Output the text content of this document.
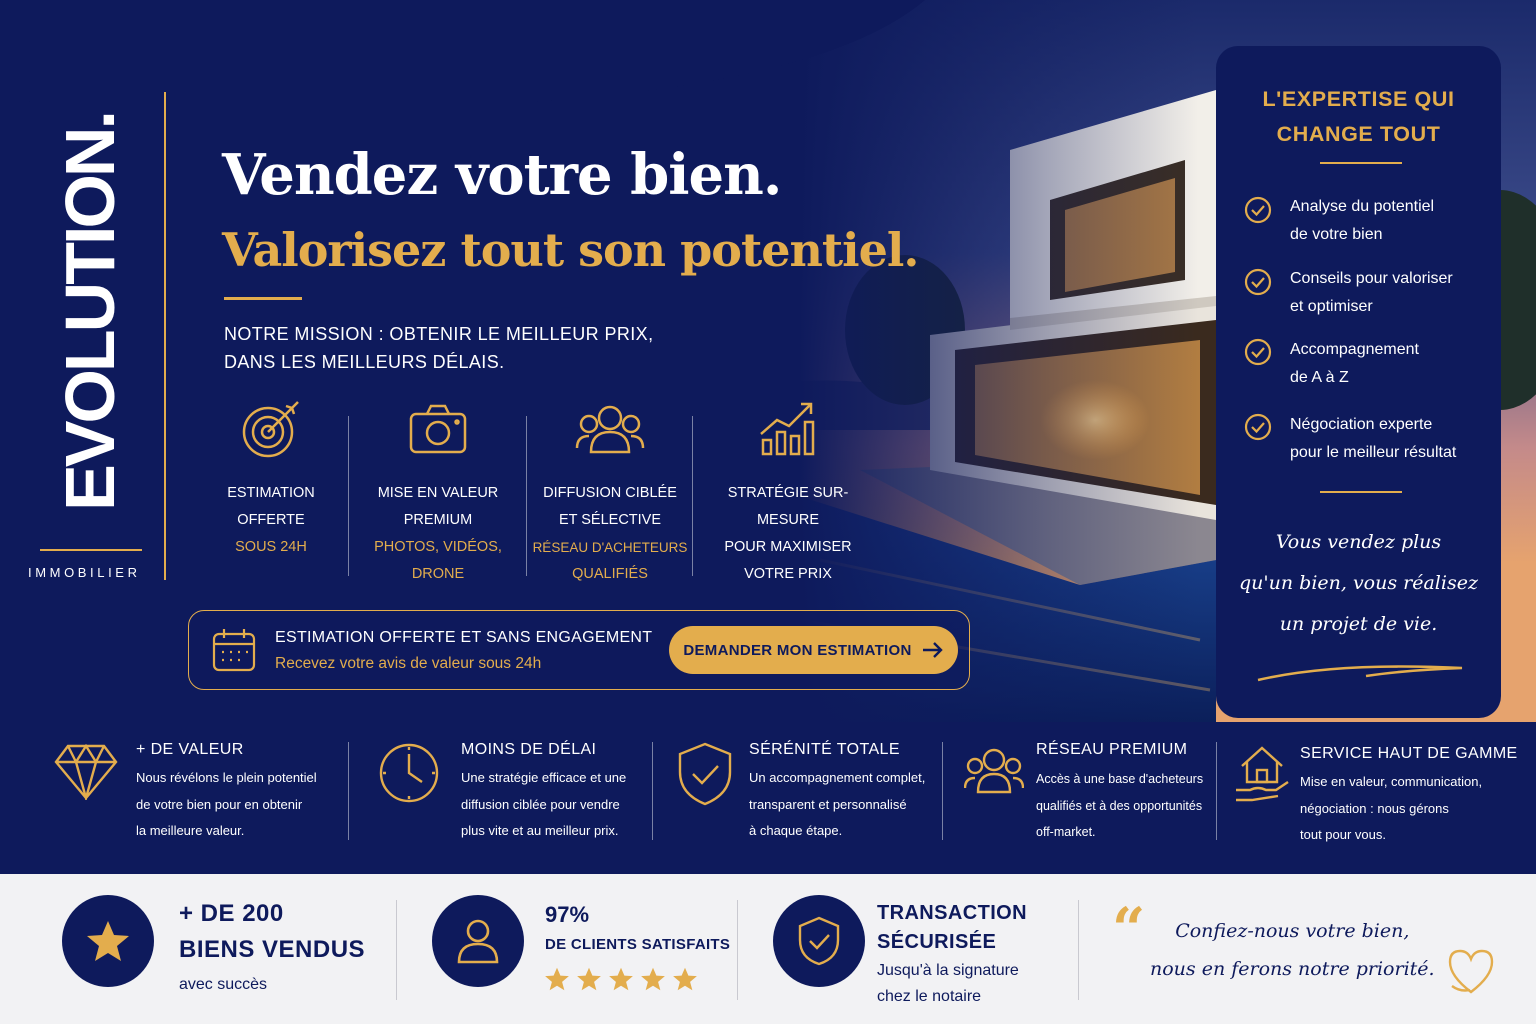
EVOLUTION.
IMMOBILIER
Vendez votre bien.
Valorisez tout son potentiel.
NOTRE MISSION : OBTENIR LE MEILLEUR PRIX,
DANS LES MEILLEURS DÉLAIS.
ESTIMATION
OFFERTE
SOUS 24H
MISE EN VALEUR
PREMIUM
PHOTOS, VIDÉOS,
DRONE
DIFFUSION CIBLÉE
ET SÉLECTIVE
RÉSEAU D'ACHETEURS
QUALIFIÉS
STRATÉGIE SUR-MESURE
POUR MAXIMISER
VOTRE PRIX
ESTIMATION OFFERTE ET SANS ENGAGEMENT
Recevez votre avis de valeur sous 24h
DEMANDER MON ESTIMATION
L'EXPERTISE QUI
CHANGE TOUT
Analyse du potentiel
de votre bien
Conseils pour valoriser
et optimiser
Accompagnement
de A à Z
Négociation experte
pour le meilleur résultat
Vous vendez plus
qu'un bien, vous réalisez
un projet de vie.
+ DE VALEUR
Nous révélons le plein potentiel
de votre bien pour en obtenir
la meilleure valeur.
MOINS DE DÉLAI
Une stratégie efficace et une
diffusion ciblée pour vendre
plus vite et au meilleur prix.
SÉRÉNITÉ TOTALE
Un accompagnement complet,
transparent et personnalisé
à chaque étape.
RÉSEAU PREMIUM
Accès à une base d'acheteurs
qualifiés et à des opportunités
off-market.
SERVICE HAUT DE GAMME
Mise en valeur, communication,
négociation : nous gérons
tout pour vous.
+ DE 200
BIENS VENDUS
avec succès
97%
DE CLIENTS SATISFAITS
TRANSACTION
SÉCURISÉE
Jusqu'à la signature
chez le notaire
“	Confiez-nous votre bien,
nous en ferons notre priorité.
